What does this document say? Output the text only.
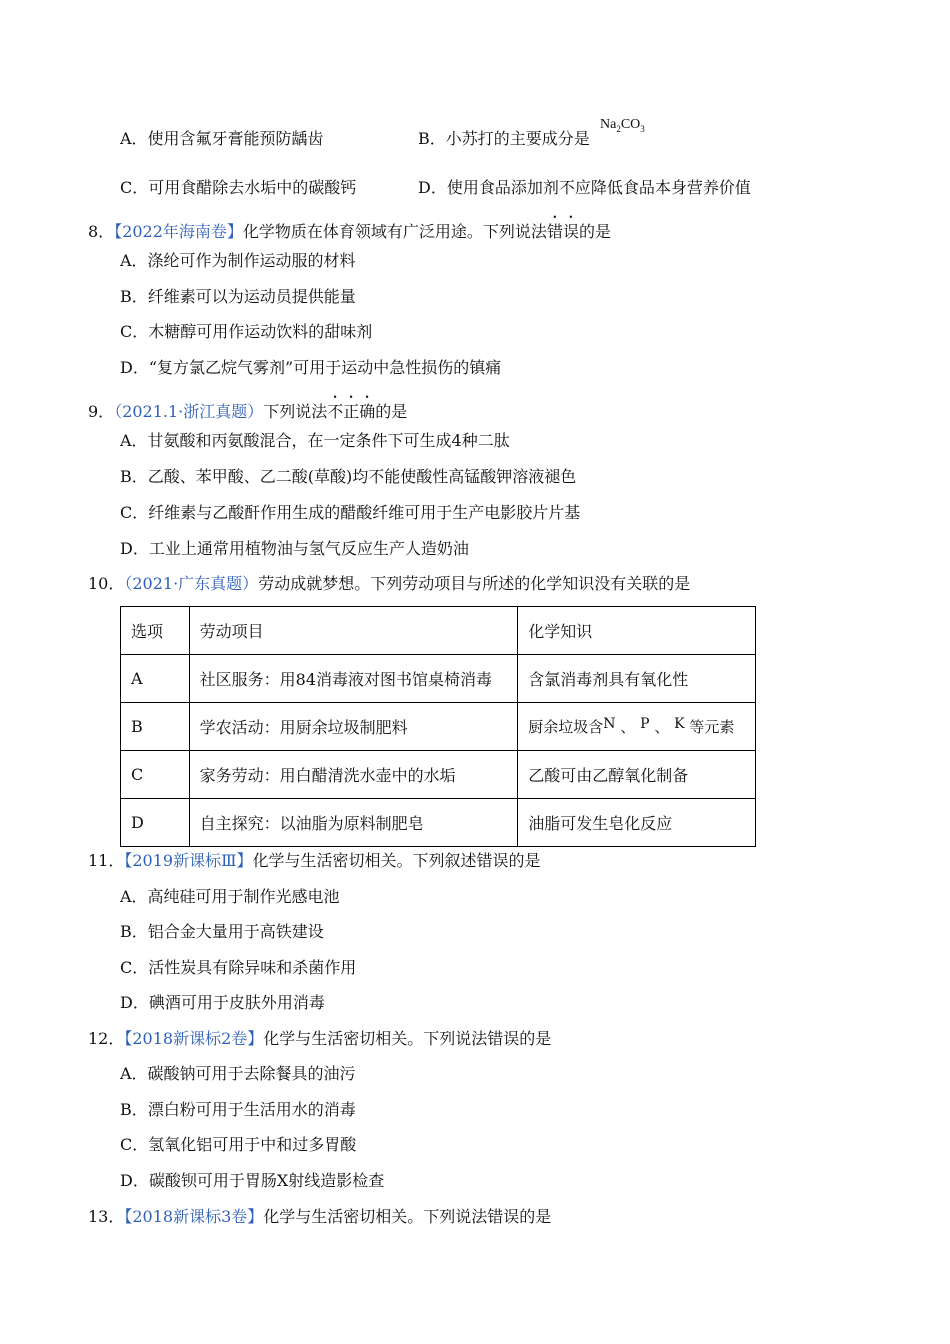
A．使用含氟牙膏能预防龋齿	B．小苏打的主要成分是
$Na_2CO_3$
C．可用食醋除去水垢中的碳酸钙	D．使用食品添加剂不应降低食品本身营养价值
8．【2022年海南卷】化学物质在体育领域有广泛用途。下列说法错误的是
A．涤纶可作为制作运动服的材料
B．纤维素可以为运动员提供能量
C．木糖醇可用作运动饮料的甜味剂
D．“复方氯乙烷气雾剂”可用于运动中急性损伤的镇痛
9．（2021.1·浙江真题）下列说法不正确的是
A．甘氨酸和丙氨酸混合，在一定条件下可生成4种二肽
B．乙酸、苯甲酸、乙二酸(草酸)均不能使酸性高锰酸钾溶液褪色
C．纤维素与乙酸酐作用生成的醋酸纤维可用于生产电影胶片片基
D．工业上通常用植物油与氢气反应生产人造奶油
10．（2021·广东真题）劳动成就梦想。下列劳动项目与所述的化学知识没有关联的是
选项	劳动项目	化学知识
A	社区服务：用84消毒液对图书馆桌椅消毒	含氯消毒剂具有氧化性
B	学农活动：用厨余垃圾制肥料	厨余垃圾含N 、 P 、 K 等元素
C	家务劳动：用白醋清洗水壶中的水垢	乙酸可由乙醇氧化制备
D	自主探究：以油脂为原料制肥皂	油脂可发生皂化反应
11．【2019新课标Ⅲ】化学与生活密切相关。下列叙述错误的是
A．高纯硅可用于制作光感电池
B．铝合金大量用于高铁建设
C．活性炭具有除异味和杀菌作用
D．碘酒可用于皮肤外用消毒
12．【2018新课标2卷】化学与生活密切相关。下列说法错误的是
A．碳酸钠可用于去除餐具的油污
B．漂白粉可用于生活用水的消毒
C．氢氧化铝可用于中和过多胃酸
D．碳酸钡可用于胃肠X射线造影检查
13．【2018新课标3卷】化学与生活密切相关。下列说法错误的是
